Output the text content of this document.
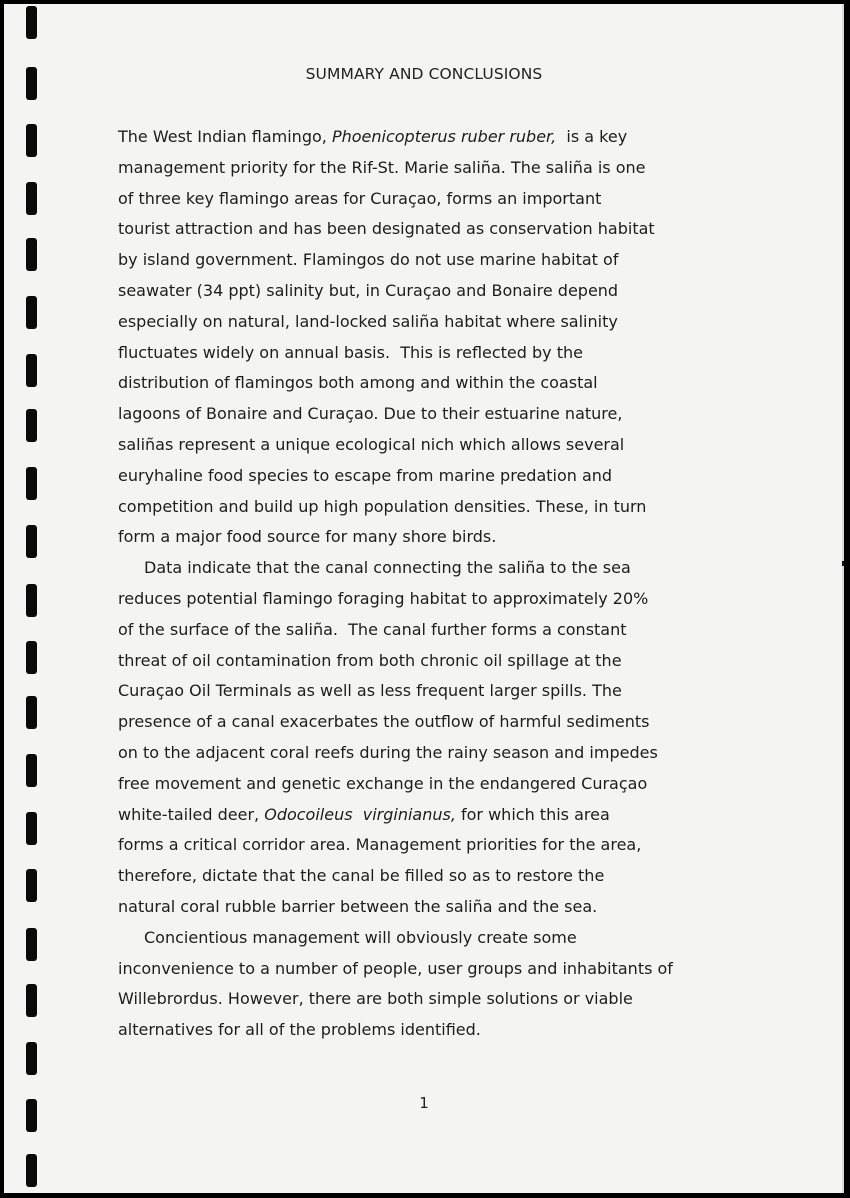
SUMMARY AND CONCLUSIONS
The West Indian flamingo, Phoenicopterus ruber ruber,  is a key
management priority for the Rif-St. Marie saliña. The saliña is one
of three key flamingo areas for Curaçao, forms an important
tourist attraction and has been designated as conservation habitat
by island government. Flamingos do not use marine habitat of
seawater (34 ppt) salinity but, in Curaçao and Bonaire depend
especially on natural, land-locked saliña habitat where salinity
fluctuates widely on annual basis.  This is reflected by the
distribution of flamingos both among and within the coastal
lagoons of Bonaire and Curaçao. Due to their estuarine nature,
saliñas represent a unique ecological nich which allows several
euryhaline food species to escape from marine predation and
competition and build up high population densities. These, in turn
form a major food source for many shore birds.
Data indicate that the canal connecting the saliña to the sea
reduces potential flamingo foraging habitat to approximately 20%
of the surface of the saliña.  The canal further forms a constant
threat of oil contamination from both chronic oil spillage at the
Curaçao Oil Terminals as well as less frequent larger spills. The
presence of a canal exacerbates the outflow of harmful sediments
on to the adjacent coral reefs during the rainy season and impedes
free movement and genetic exchange in the endangered Curaçao
white-tailed deer, Odocoileus  virginianus, for which this area
forms a critical corridor area. Management priorities for the area,
therefore, dictate that the canal be filled so as to restore the
natural coral rubble barrier between the saliña and the sea.
Concientious management will obviously create some
inconvenience to a number of people, user groups and inhabitants of
Willebrordus. However, there are both simple solutions or viable
alternatives for all of the problems identified.
1
